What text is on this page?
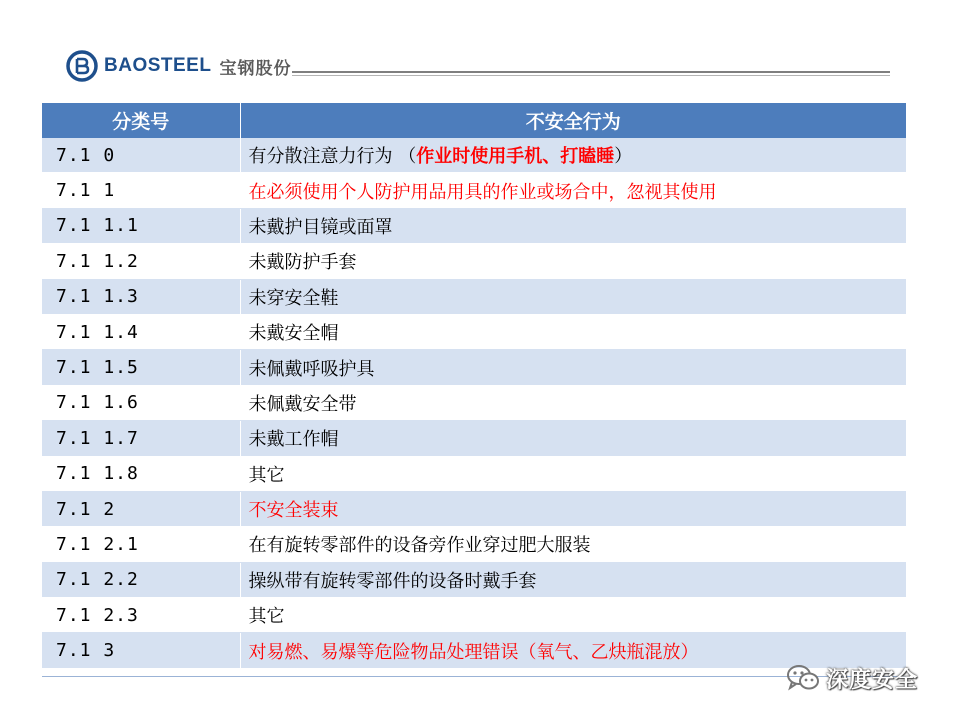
BAOSTEEL 宝钢股份
分类号	不安全行为
7.1 0	有分散注意力行为 （作业时使用手机、打瞌睡）
7.1 1	在必须使用个人防护用品用具的作业或场合中，忽视其使用
7.1 1.1	未戴护目镜或面罩
7.1 1.2	未戴防护手套
7.1 1.3	未穿安全鞋
7.1 1.4	未戴安全帽
7.1 1.5	未佩戴呼吸护具
7.1 1.6	未佩戴安全带
7.1 1.7	未戴工作帽
7.1 1.8	其它
7.1 2	不安全装束
7.1 2.1	在有旋转零部件的设备旁作业穿过肥大服装
7.1 2.2	操纵带有旋转零部件的设备时戴手套
7.1 2.3	其它
7.1 3	对易燃、易爆等危险物品处理错误（氧气、乙炔瓶混放）
深度安全
